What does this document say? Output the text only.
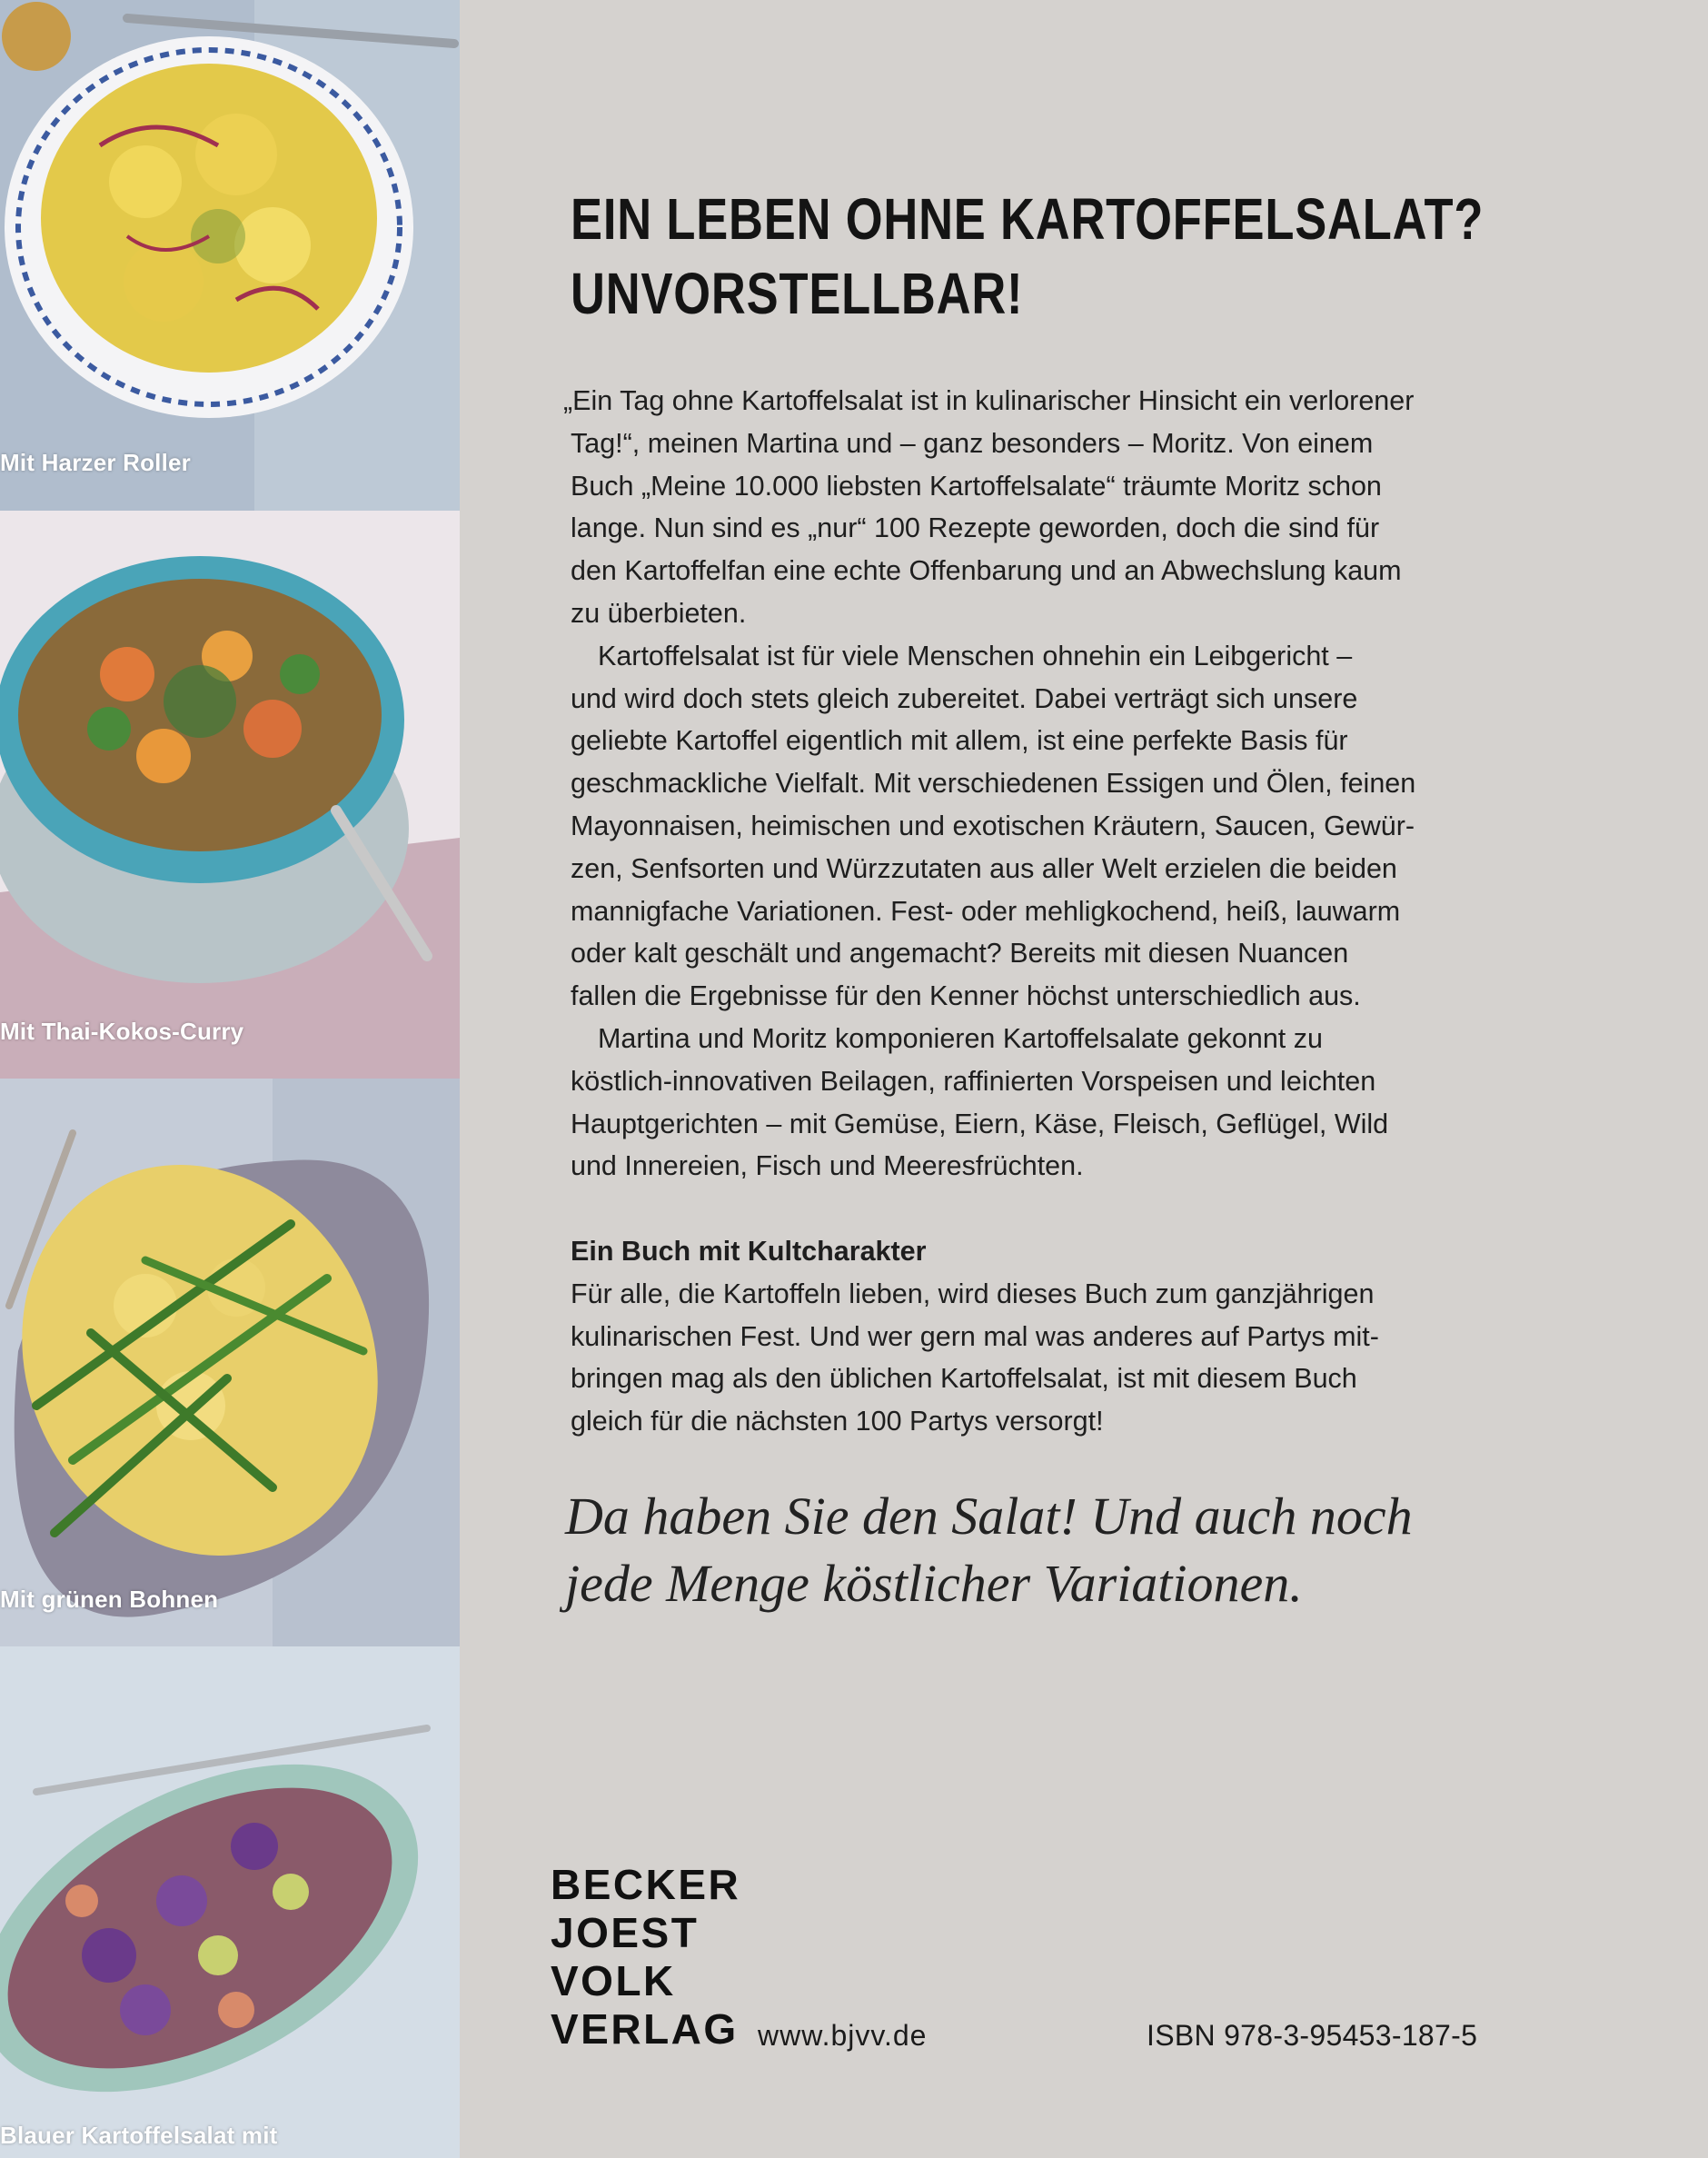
Mit Harzer Roller
Mit Thai-Kokos-Curry
Mit grünen Bohnen
Blauer Kartoffelsalat mit
EIN LEBEN OHNE KARTOFFELSALAT?
UNVORSTELLBAR!

„Ein Tag ohne Kartoffelsalat ist in kulinarischer Hinsicht ein verlorener
Tag!“, meinen Martina und – ganz besonders – Moritz. Von einem
Buch „Meine 10.000 liebsten Kartoffelsalate“ träumte Moritz schon
lange. Nun sind es „nur“ 100 Rezepte geworden, doch die sind für
den Kartoffelfan eine echte Offenbarung und an Abwechslung kaum
zu überbieten.

Kartoffelsalat ist für viele Menschen ohnehin ein Leibgericht –
und wird doch stets gleich zubereitet. Dabei verträgt sich unsere
geliebte Kartoffel eigentlich mit allem, ist eine perfekte Basis für
geschmackliche Vielfalt. Mit verschiedenen Essigen und Ölen, feinen
Mayonnaisen, heimischen und exotischen Kräutern, Saucen, Gewür-
zen, Senfsorten und Würzzutaten aus aller Welt erzielen die beiden
mannigfache Variationen. Fest- oder mehligkochend, heiß, lauwarm
oder kalt geschält und angemacht? Bereits mit diesen Nuancen
fallen die Ergebnisse für den Kenner höchst unterschiedlich aus.

Martina und Moritz komponieren Kartoffelsalate gekonnt zu
köstlich-innovativen Beilagen, raffinierten Vorspeisen und leichten
Hauptgerichten – mit Gemüse, Eiern, Käse, Fleisch, Geflügel, Wild
und Innereien, Fisch und Meeresfrüchten.

Ein Buch mit Kultcharakter
Für alle, die Kartoffeln lieben, wird dieses Buch zum ganzjährigen
kulinarischen Fest. Und wer gern mal was anderes auf Partys mit-
bringen mag als den üblichen Kartoffelsalat, ist mit diesem Buch
gleich für die nächsten 100 Partys versorgt!

Da haben Sie den Salat! Und auch noch
jede Menge köstlicher Variationen.
BECKER
JOEST
VOLK
VERLAG www.bjvv.de	ISBN 978-3-95453-187-5
